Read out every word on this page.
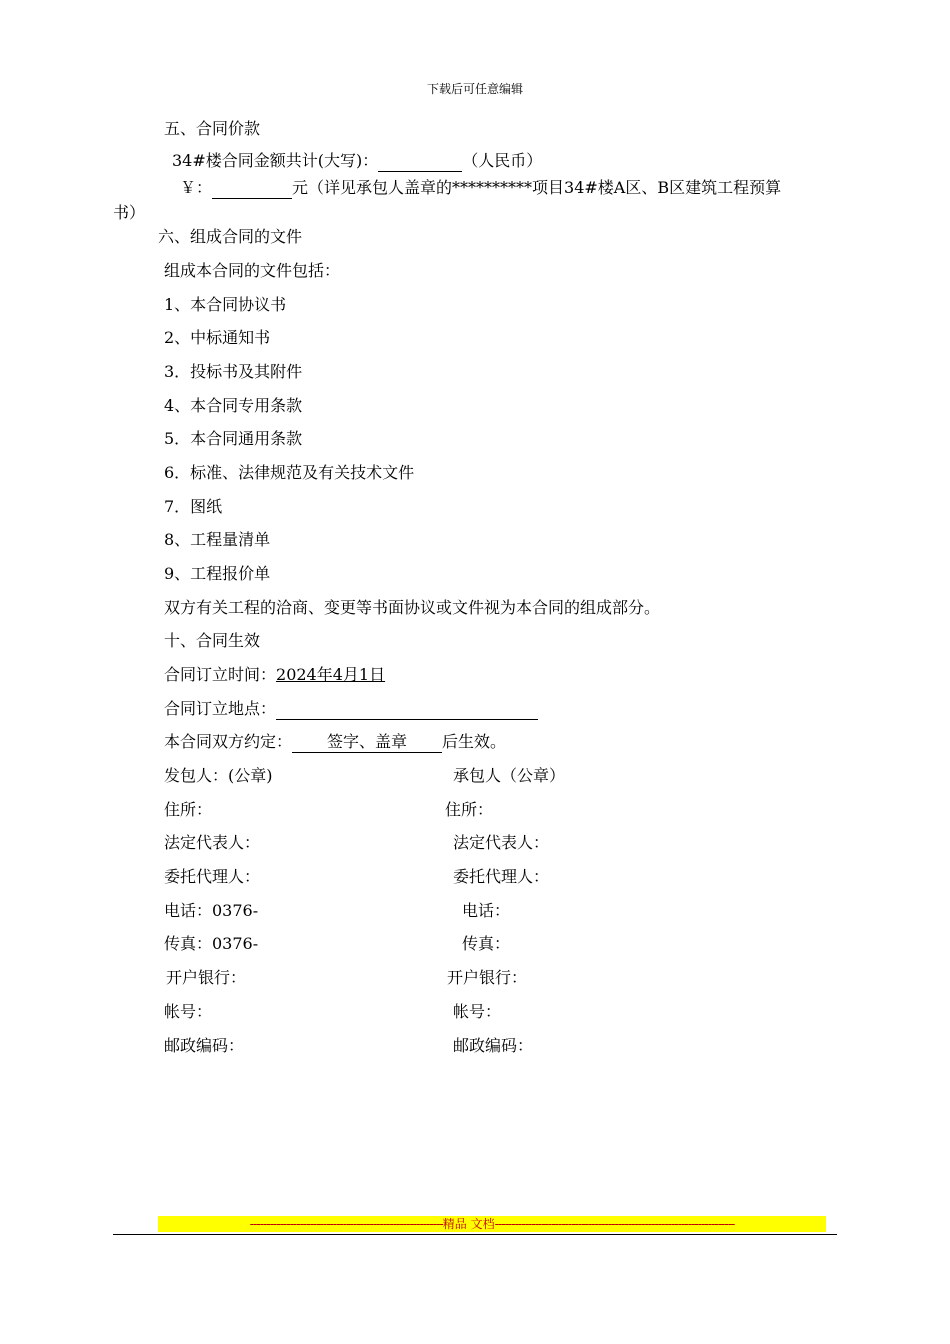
下载后可任意编辑
五、合同价款
34#楼合同金额共计(大写)：	（人民币）
￥：	元（详见承包人盖章的**********项目34#楼A区、B区建筑工程预算
书）
六、组成合同的文件
组成本合同的文件包括：
1、本合同协议书
2、中标通知书
3．投标书及其附件
4、本合同专用条款
5．本合同通用条款
6．标准、法律规范及有关技术文件
7．图纸
8、工程量清单
9、工程报价单
双方有关工程的洽商、变更等书面协议或文件视为本合同的组成部分。
十、合同生效
合同订立时间：2024年4月1日
合同订立地点：
本合同双方约定： 签字、盖章 后生效。
发包人：(公章)
住所：
法定代表人：
委托代理人：
电话：0376-
传真：0376-
开户银行：
帐号：
邮政编码：
承包人（公章）
住所：
法定代表人：
委托代理人：
电话：
传真：
开户银行：
帐号：
邮政编码：
----------------------------------------------------------精品 文档------------------------------------------------------------------------
